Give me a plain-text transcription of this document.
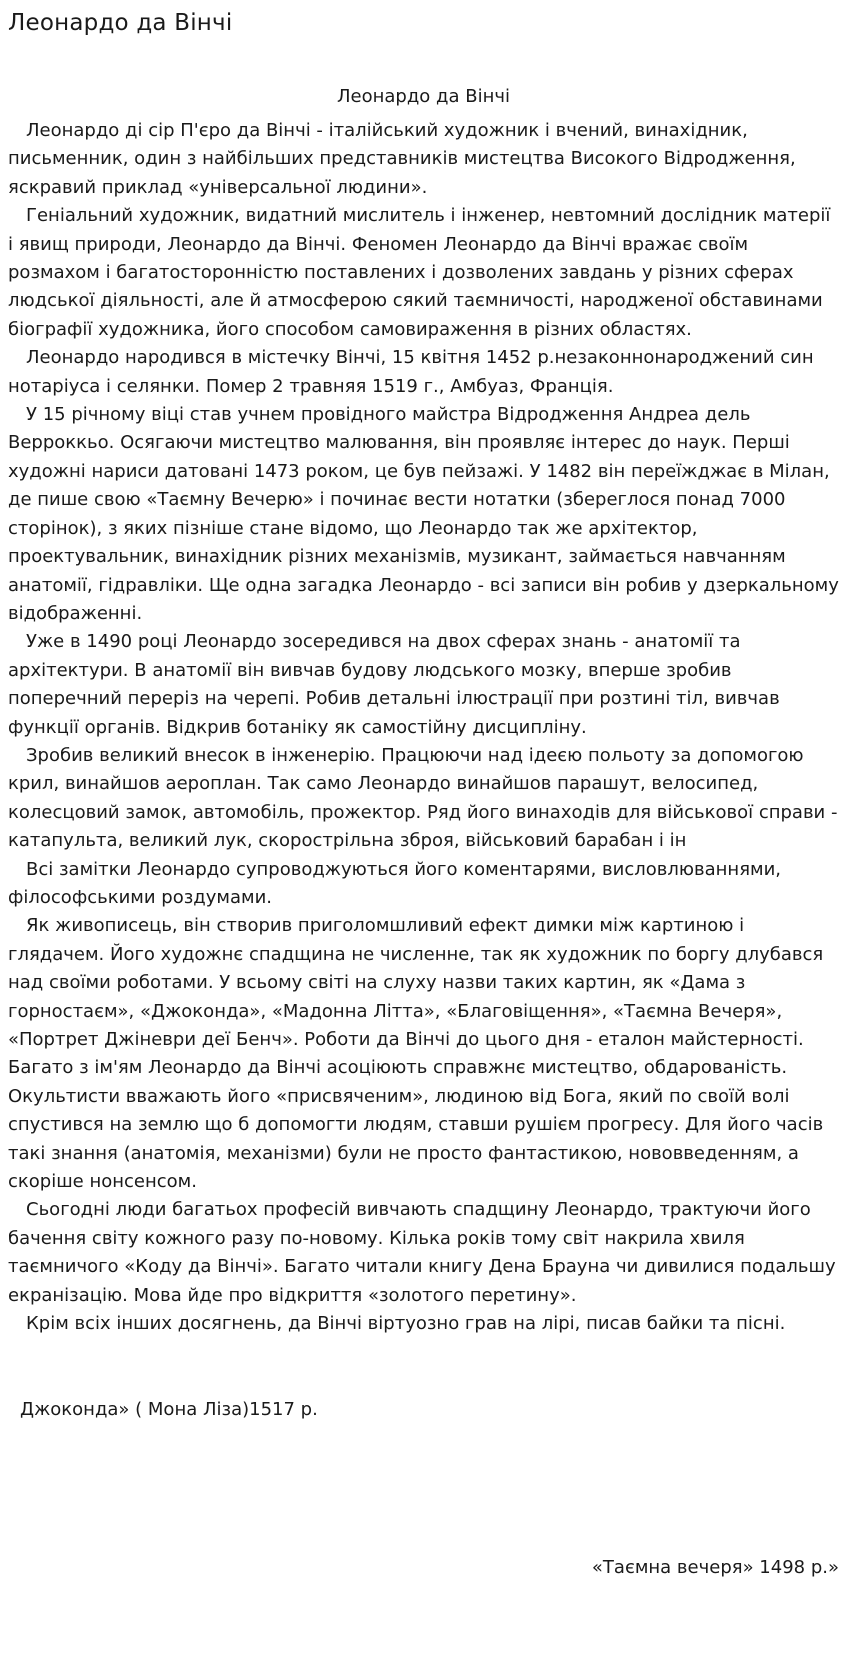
Леонардо да Вінчі
Леонардо да Вінчі

Леонардо ді сір П'єро да Вінчі - італійський художник і вчений, винахідник, письменник, один з найбільших представників мистецтва Високого Відродження, яскравий приклад «універсальної людини».

Геніальний художник, видатний мислитель і інженер, невтомний дослідник матерії і явищ природи, Леонардо да Вінчі. Феномен Леонардо да Вінчі вражає своїм розмахом і багатосторонністю поставлених і дозволених завдань у різних сферах людської діяльності, але й атмосферою сякий таємничості, народженої обставинами біографії художника, його способом самовираження в різних областях.

Леонардо народився в містечку Вінчі, 15 квітня 1452 р.незаконнонароджений син нотаріуса і селянки. Помер 2 травняя 1519 г., Амбуаз, Франція.

У 15 річному віці став учнем провідного майстра Відродження Андреа дель Верроккьо. Осягаючи мистецтво малювання, він проявляє інтерес до наук. Перші художні нариси датовані 1473 роком, це був пейзажі. У 1482 він переїжджає в Мілан, де пише свою «Таємну Вечерю» і починає вести нотатки (збереглося понад 7000 сторінок), з яких пізніше стане відомо, що Леонардо так же архітектор, проектувальник, винахідник різних механізмів, музикант, займається навчанням анатомії, гідравліки. Ще одна загадка Леонардо - всі записи він робив у дзеркальному відображенні.

Уже в 1490 році Леонардо зосередився на двох сферах знань - анатомії та архітектури. В анатомії він вивчав будову людського мозку, вперше зробив поперечний переріз на черепі. Робив детальні ілюстрації при розтині тіл, вивчав функції органів. Відкрив ботаніку як самостійну дисципліну.

Зробив великий внесок в інженерію. Працюючи над ідеєю польоту за допомогою крил, винайшов аероплан. Так само Леонардо винайшов парашут, велосипед, колесцовий замок, автомобіль, прожектор. Ряд його винаходів для військової справи - катапульта, великий лук, скорострільна зброя, військовий барабан і ін

Всі замітки Леонардо супроводжуються його коментарями, висловлюваннями, філософськими роздумами.

Як живописець, він створив приголомшливий ефект димки між картиною і глядачем. Його художнє спадщина не численне, так як художник по боргу длубався над своїми роботами. У всьому світі на слуху назви таких картин, як «Дама з горностаєм», «Джоконда», «Мадонна Літта», «Благовіщення», «Таємна Вечеря», «Портрет Джіневри деї Бенч». Роботи да Вінчі до цього дня - еталон майстерності. Багато з ім'ям Леонардо да Вінчі асоціюють справжнє мистецтво, обдарованість. Окультисти вважають його «присвяченим», людиною від Бога, який по своїй волі спустився на землю що б допомогти людям, ставши рушієм прогресу. Для його часів такі знання (анатомія, механізми) були не просто фантастикою, нововведенням, а скоріше нонсенсом.

Сьогодні люди багатьох професій вивчають спадщину Леонардо, трактуючи його бачення світу кожного разу по-новому. Кілька років тому світ накрила хвиля таємничого «Коду да Вінчі». Багато читали книгу Дена Брауна чи дивилися подальшу екранізацію. Мова йде про відкриття «золотого перетину».

Крім всіх інших досягнень, да Вінчі віртуозно грав на лірі, писав байки та пісні.

Джоконда» ( Мона Ліза)1517 р.
«Таємна вечеря» 1498 р.»
